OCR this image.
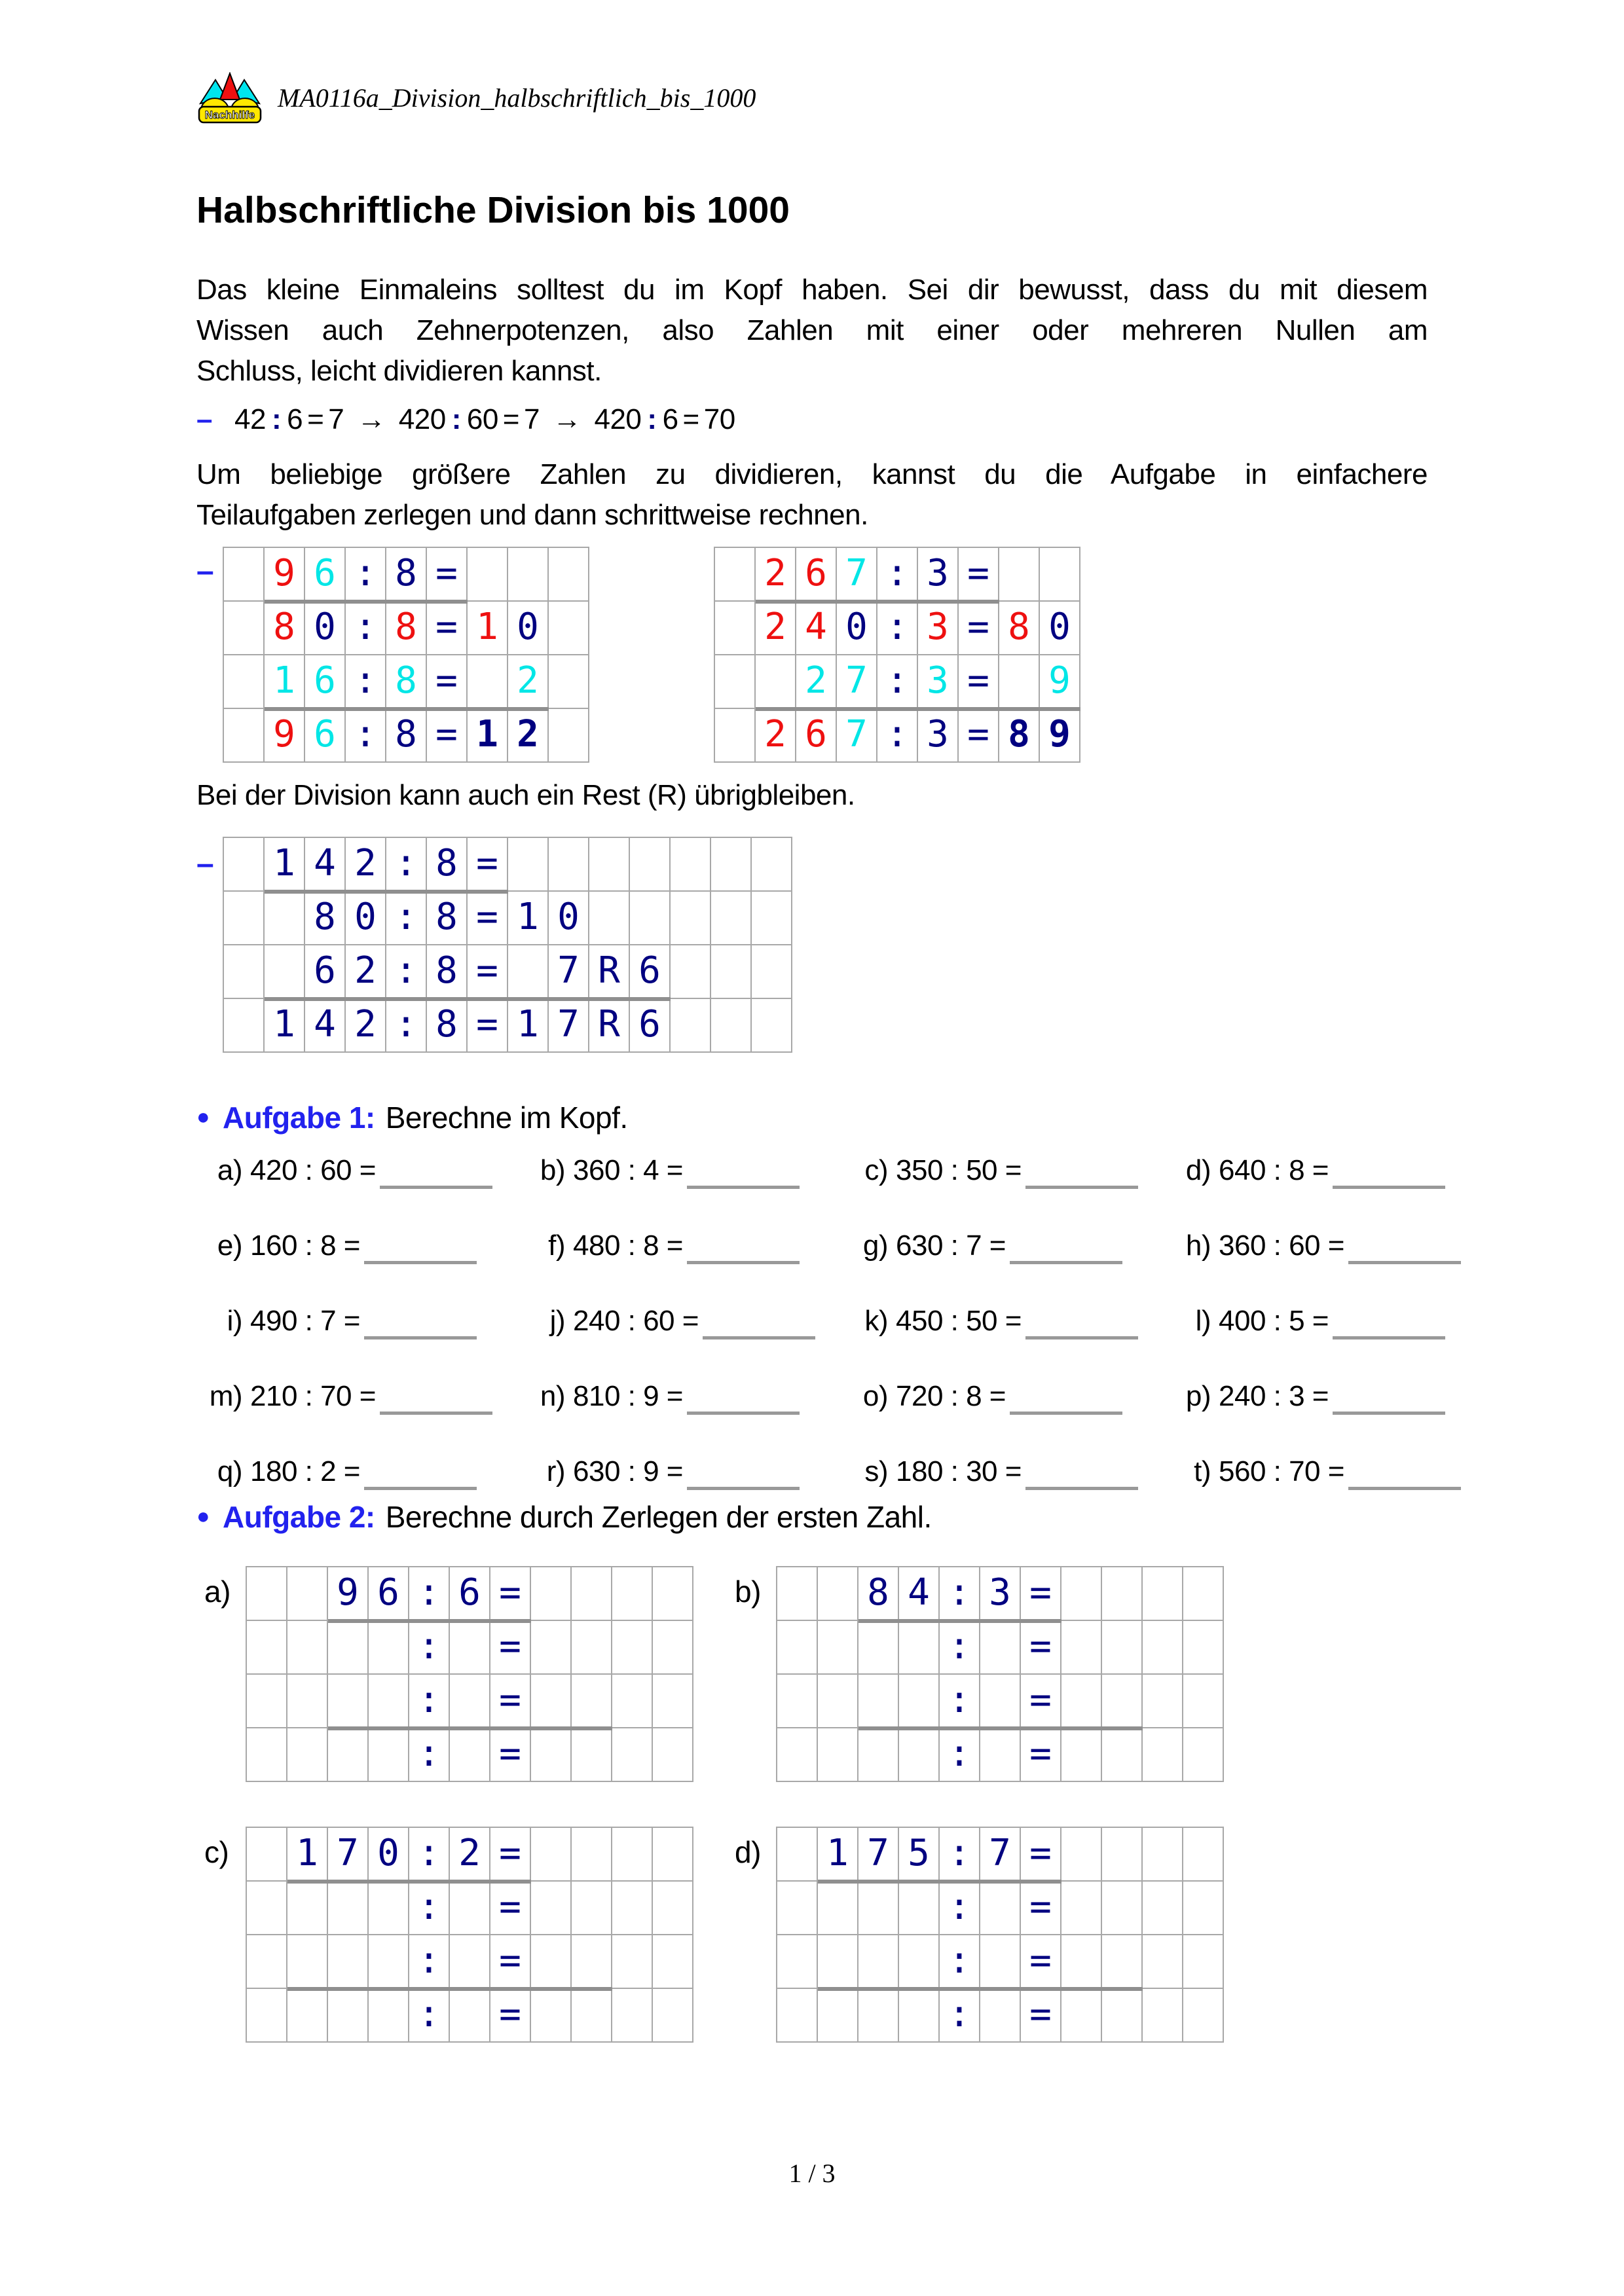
Nachhilfe
MA0116a_Division_halbschriftlich_bis_1000
Halbschriftliche Division bis 1000
Das kleine Einmaleins solltest du im Kopf haben. Sei dir bewusst, dass du mit diesem
Wissen auch Zehnerpotenzen, also Zahlen mit einer oder mehreren Nullen am
Schluss, leicht dividieren kannst.
– 42 : 6 = 7 → 420 : 60 = 7 → 420 : 6 = 70
Um beliebige größere Zahlen zu dividieren, kannst du die Aufgabe in einfachere
Teilaufgaben zerlegen und dann schrittweise rechnen.
– 9 6 : 8 =
8 0 : 8 = 1 0
1 6 : 8 = 2
9 6 : 8 = 1 2
2 6 7 : 3 =
2 4 0 : 3 = 8 0
2 7 : 3 = 9
2 6 7 : 3 = 8 9
Bei der Division kann auch ein Rest (R) übrigbleiben.
– 1 4 2 : 8 =
8 0 : 8 = 1 0
6 2 : 8 = 7 R 6
1 4 2 : 8 = 1 7 R 6
● Aufgabe 1: Berechne im Kopf.
a) 420 : 60 =	b) 360 : 4 =	c) 350 : 50 =	d) 640 : 8 =
e) 160 : 8 =	f) 480 : 8 =	g) 630 : 7 =	h) 360 : 60 =
i) 490 : 7 =	j) 240 : 60 =	k) 450 : 50 =	l) 400 : 5 =
m) 210 : 70 =	n) 810 : 9 =	o) 720 : 8 =	p) 240 : 3 =
q) 180 : 2 =	r) 630 : 9 =	s) 180 : 30 =	t) 560 : 70 =
● Aufgabe 2: Berechne durch Zerlegen der ersten Zahl.
a)	9 6 : 6 =
: =
: =
: =
b)	8 4 : 3 =
: =
: =
: =
c) 1 7 0 : 2 =
: =
: =
: =
d) 1 7 5 : 7 =
: =
: =
: =
1 / 3
